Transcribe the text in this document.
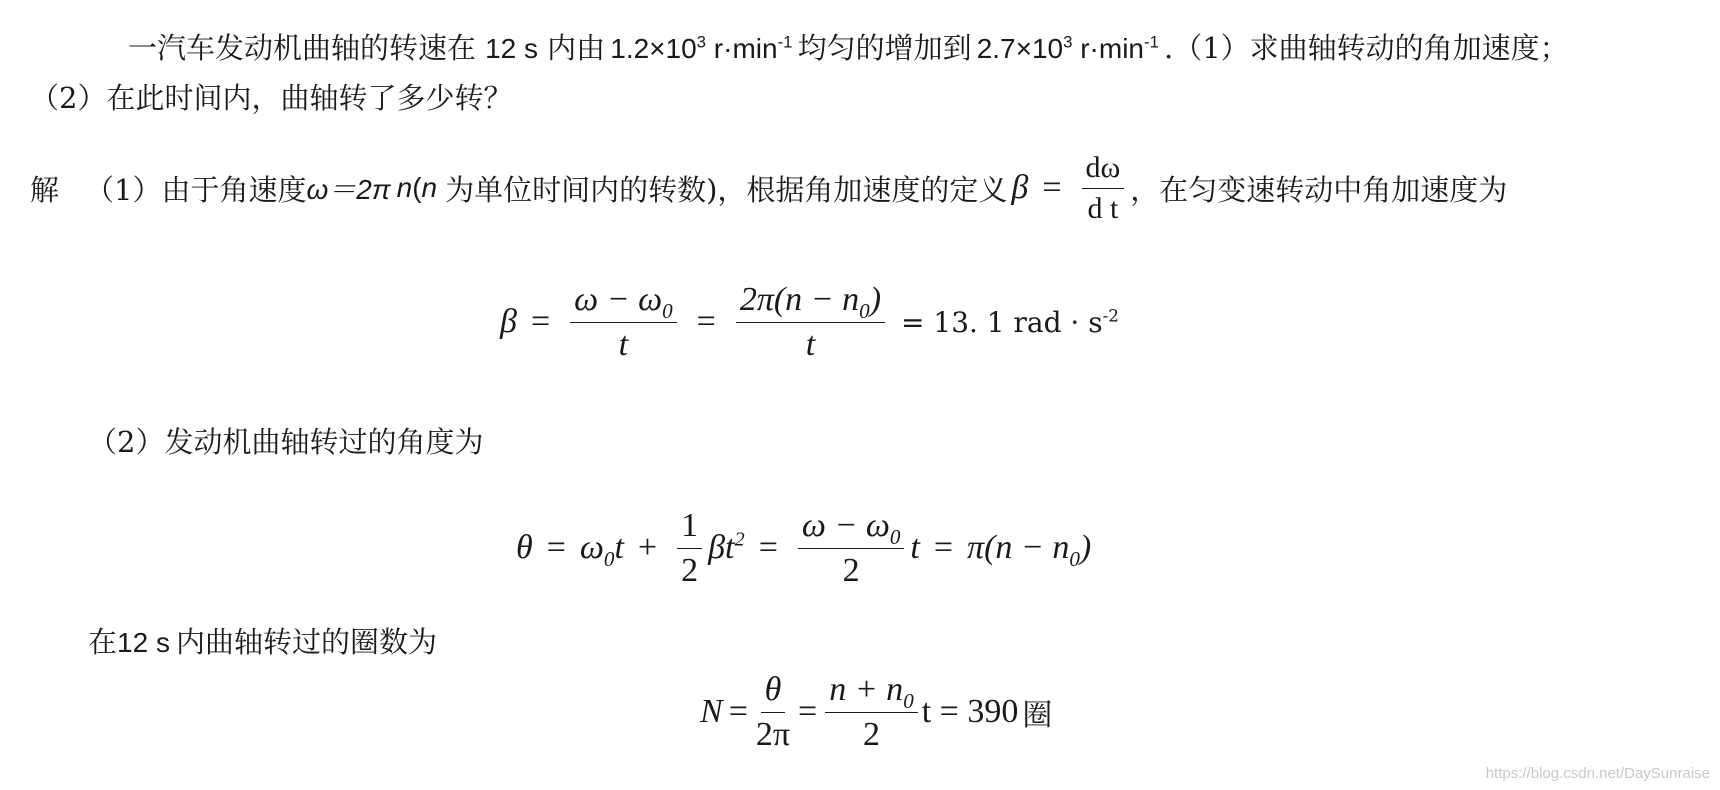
一汽车发动机曲轴的转速在 12 s 内由 $1.2\times 10^3$ $r\cdot\min^{-1}$ 均匀的增加到 $2.7\times 10^3$ $r\cdot\min^{-1}$ .（1）求曲轴转动的角加速度；
（2）在此时间内，曲轴转了多少转？
解 （1）由于角速度 ω＝2π n ( n 为单位时间内的转数)，根据角加速度的定义 $\beta = \frac{d\omega}{\text{d t}}$ ，在匀变速转动中角加速度为
$\beta = \frac{\omega - \omega_0}{t} = \frac{2\pi(n - n_0)}{t} = 13$. 1 rad · $s^{-2}$
（2）发动机曲轴转过的角度为
$\theta = \omega_0t + \frac{1}{2} \beta t^2 = \frac{\omega - \omega_0}{2}$ $t = \pi(n - n_0)$
在12 s 内曲轴转过的圈数为
$N = \frac{\theta}{2\pi} = \frac{n + n_0}{2}$ t = 390 圈
https://blog.csdn.net/DaySunraise
